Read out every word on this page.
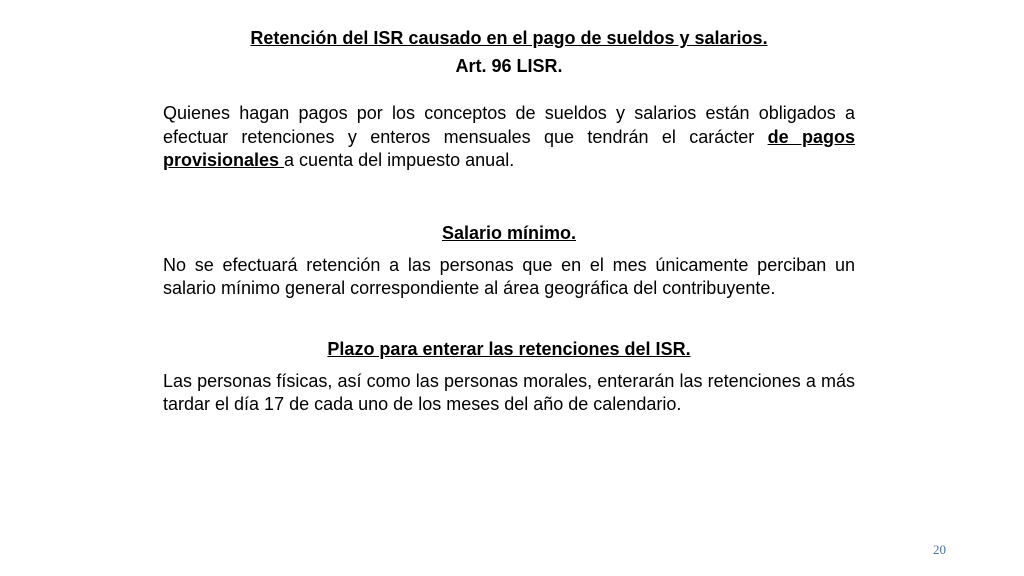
Retención del ISR causado en el pago de sueldos y salarios.

Art. 96 LISR.

Quienes hagan pagos por los conceptos de sueldos y salarios están obligados a efectuar retenciones y enteros mensuales que tendrán el carácter de pagos provisionales a cuenta del impuesto anual.

Salario mínimo.

No se efectuará retención a las personas que en el mes únicamente perciban un salario mínimo general correspondiente al área geográfica del contribuyente.

Plazo para enterar las retenciones del ISR.

Las personas físicas, así como las personas morales, enterarán las retenciones a más tardar el día 17 de cada uno de los meses del año de calendario.

20
